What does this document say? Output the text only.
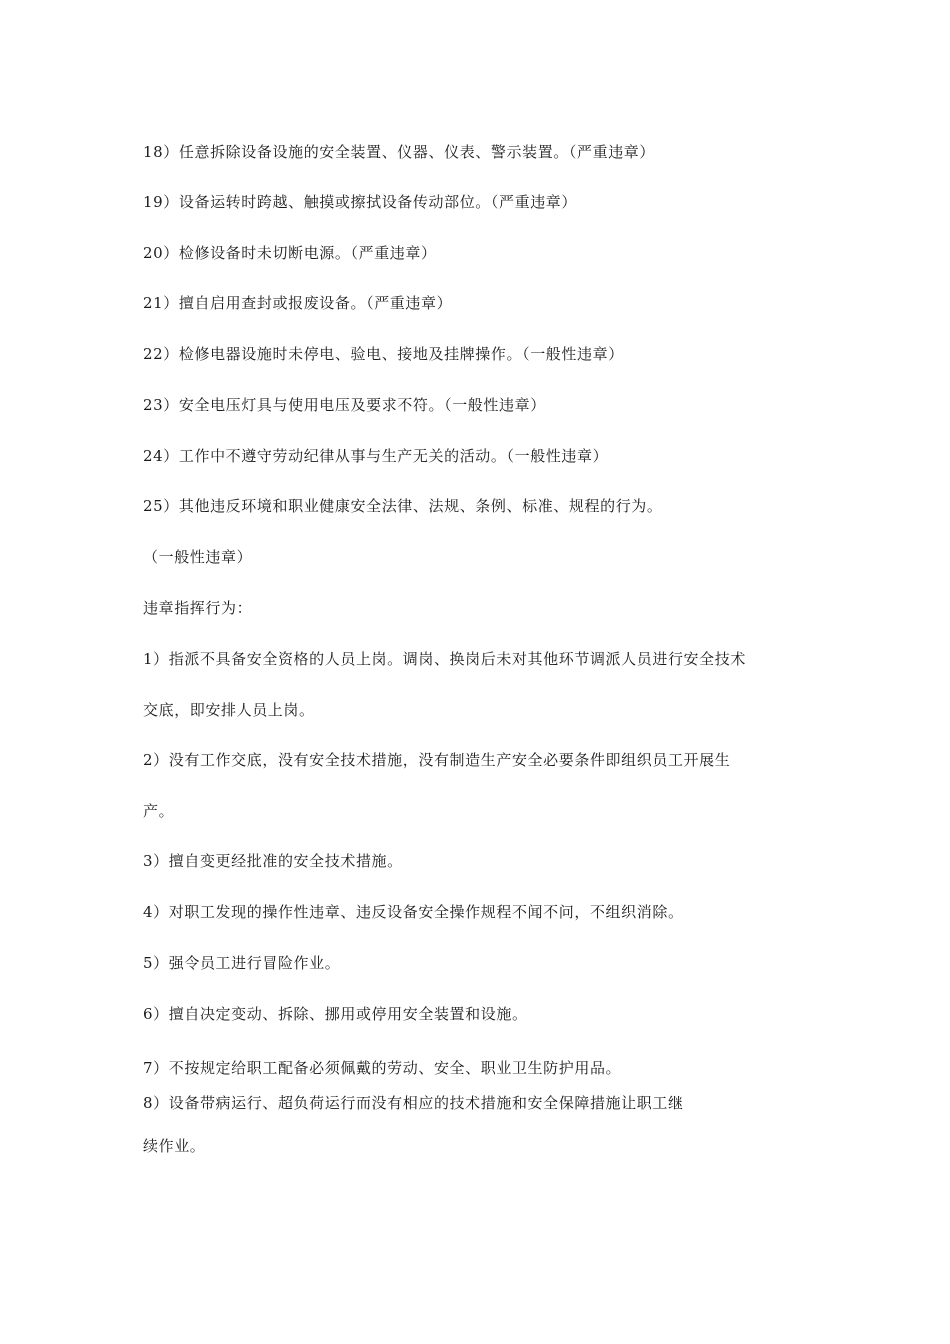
18）任意拆除设备设施的安全装置、仪器、仪表、警示装置。（严重违章）
19）设备运转时跨越、触摸或擦拭设备传动部位。（严重违章）
20）检修设备时未切断电源。（严重违章）
21）擅自启用查封或报废设备。（严重违章）
22）检修电器设施时未停电、验电、接地及挂牌操作。（一般性违章）
23）安全电压灯具与使用电压及要求不符。（一般性违章）
24）工作中不遵守劳动纪律从事与生产无关的活动。（一般性违章）
25）其他违反环境和职业健康安全法律、法规、条例、标准、规程的行为。
（一般性违章）
违章指挥行为：
1）指派不具备安全资格的人员上岗。调岗、换岗后未对其他环节调派人员进行安全技术
交底，即安排人员上岗。
2）没有工作交底，没有安全技术措施，没有制造生产安全必要条件即组织员工开展生
产。
3）擅自变更经批准的安全技术措施。
4）对职工发现的操作性违章、违反设备安全操作规程不闻不问，不组织消除。
5）强令员工进行冒险作业。
6）擅自决定变动、拆除、挪用或停用安全装置和设施。
7）不按规定给职工配备必须佩戴的劳动、安全、职业卫生防护用品。
8）设备带病运行、超负荷运行而没有相应的技术措施和安全保障措施让职工继
续作业。
